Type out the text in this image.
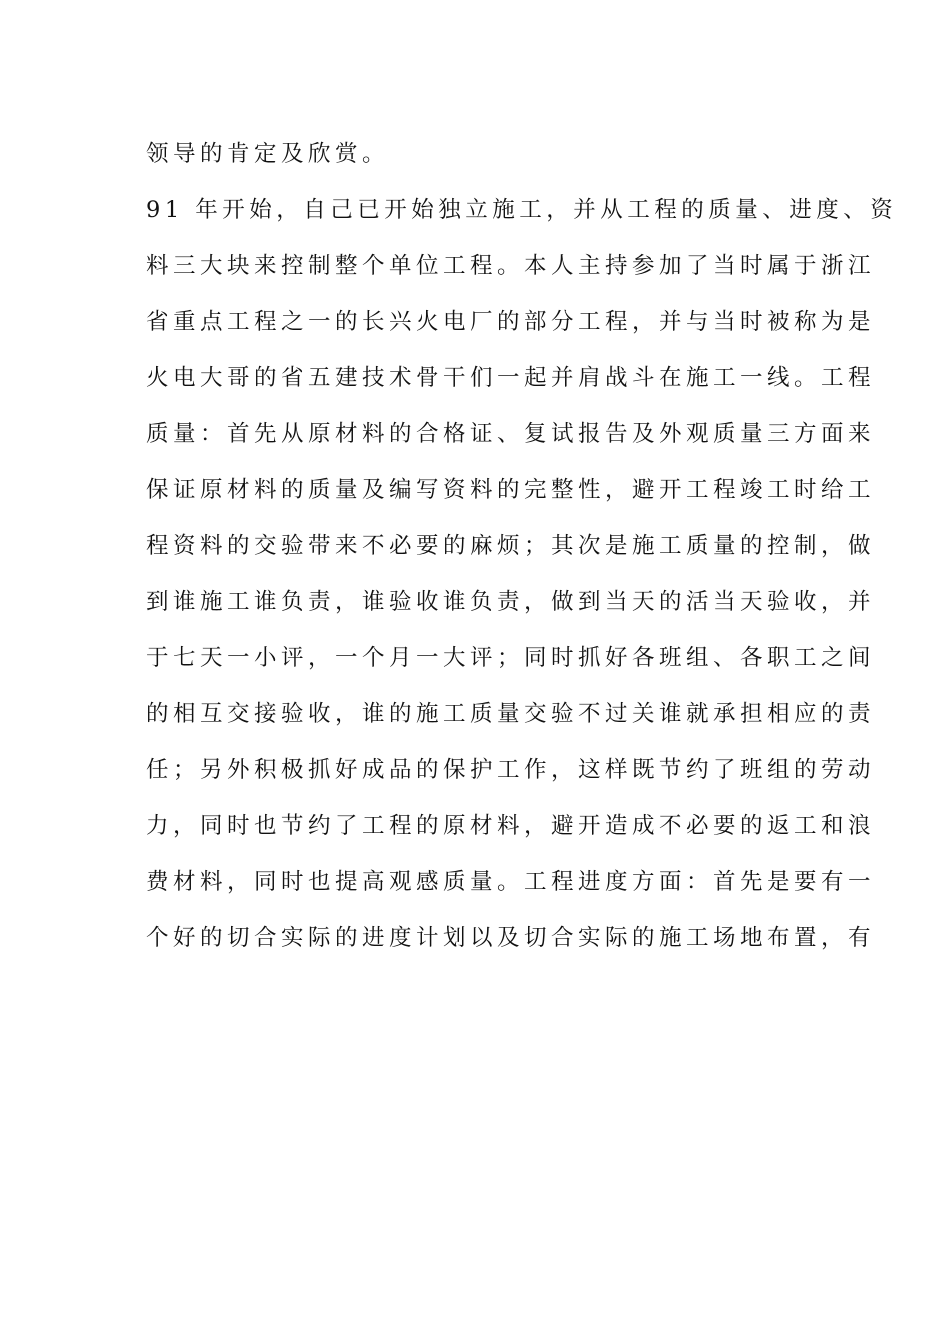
领导的肯定及欣赏。
91 年开始，自己已开始独立施工，并从工程的质量、进度、资
料三大块来控制整个单位工程。本人主持参加了当时属于浙江
省重点工程之一的长兴火电厂的部分工程，并与当时被称为是
火电大哥的省五建技术骨干们一起并肩战斗在施工一线。工程
质量：首先从原材料的合格证、复试报告及外观质量三方面来
保证原材料的质量及编写资料的完整性，避开工程竣工时给工
程资料的交验带来不必要的麻烦；其次是施工质量的控制，做
到谁施工谁负责，谁验收谁负责，做到当天的活当天验收，并
于七天一小评，一个月一大评；同时抓好各班组、各职工之间
的相互交接验收，谁的施工质量交验不过关谁就承担相应的责
任；另外积极抓好成品的保护工作，这样既节约了班组的劳动
力，同时也节约了工程的原材料，避开造成不必要的返工和浪
费材料，同时也提高观感质量。工程进度方面：首先是要有一
个好的切合实际的进度计划以及切合实际的施工场地布置，有
